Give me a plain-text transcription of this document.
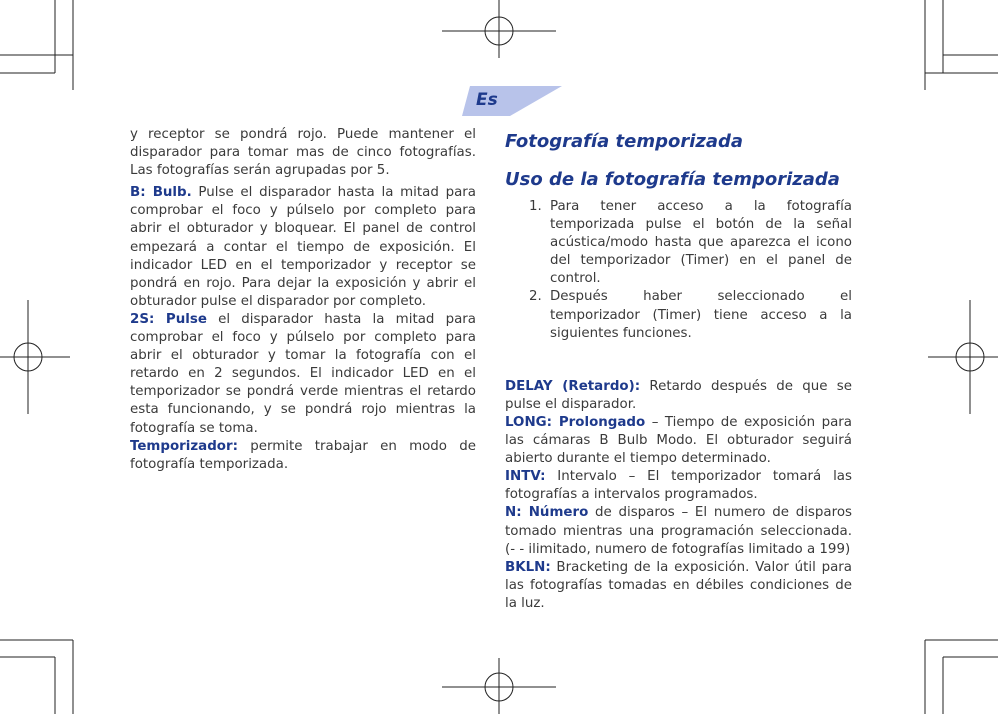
Es

y receptor se pondrá rojo. Puede mantener el disparador para tomar mas de cinco fotografías. Las fotografías serán agrupadas por 5.

B: Bulb. Pulse el disparador hasta la mitad para comprobar el foco y púlselo por completo para abrir el obturador y bloquear. El panel de control empezará a contar el tiempo de exposición. El indicador LED en el temporizador y receptor se pondrá en rojo. Para dejar la exposición y abrir el obturador pulse el disparador por completo.

2S: Pulse el disparador hasta la mitad para comprobar el foco y púlselo por completo para abrir el obturador y tomar la fotografía con el retardo en 2 segundos. El indicador LED en el temporizador se pondrá verde mientras el retardo esta funcionando, y se pondrá rojo mientras la fotografía se toma.

Temporizador: permite trabajar en modo de fotografía temporizada.

Fotografía temporizada
Uso de la fotografía temporizada
1. Para tener acceso a la fotografía temporizada pulse el botón de la señal acústica/modo hasta que aparezca el icono del temporizador (Timer) en el panel de control.
2. Después haber seleccionado el temporizador (Timer) tiene acceso a la siguientes funciones.

DELAY (Retardo): Retardo después de que se pulse el disparador.

LONG: Prolongado – Tiempo de exposición para las cámaras B Bulb Modo. El obturador seguirá abierto durante el tiempo determinado.

INTV: Intervalo – El temporizador tomará las fotografías a intervalos programados.

N: Número de disparos – El numero de disparos tomado mientras una programación seleccionada. (- - ilimitado, numero de fotografías limitado a 199)

BKLN: Bracketing de la exposición. Valor útil para las fotografías tomadas en débiles condiciones de la luz.
